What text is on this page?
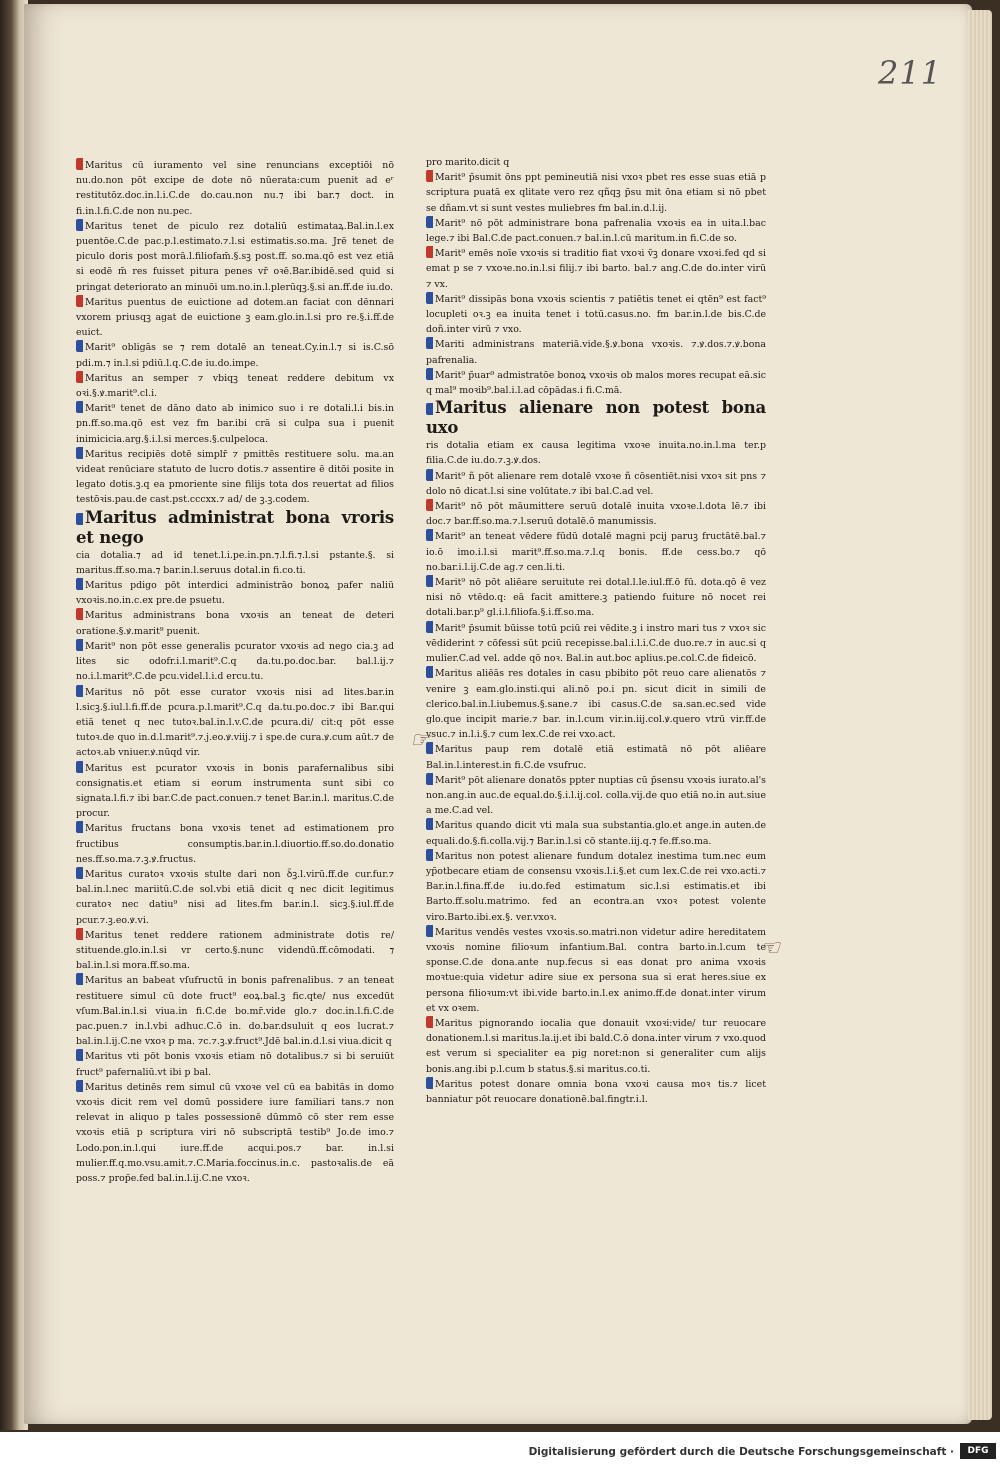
211
Maritus cū iuramento vel sine renuncians exceptiōi nō nu.do.non pōt excipe de dote nō nūerata:cum puenit ad eʳ restitutōz.doc.in.l.i.C.de do.cau.non nu.⁊ ibi bar.⁊ doct. in fi.in.l.fi.C.de non nu.pec.
Maritus tenet de piculo rez dotaliū estimataꝝ.Bal.in.l.ex puentōe.C.de pac.p.l.estimato.⁊.l.si estimatis.so.ma. Jrē tenet de piculo doris post morā.l.filiofam̄.§.sꝫ post.ff. so.ma.qō est vez etiā si eodē m̄ res fuisset pitura penes vr̄ oꝛē.Bar.ibidē.sed quid si pringat deteriorato an minuōi um.no.in.l.plerūqꝫ.§.si an.ff.de iu.do.
Maritus puentus de euictione ad dotem.an faciat con dēnnari vxorem priusqꝫ agat de euictione ꝫ eam.glo.in.l.si pro re.§.i.ff.de euict.
Marit⁹ obligās se ⁊ rem dotalē an teneat.Cy.in.l.⁊ si is.C.sō pdi.m.⁊ in.l.si pdiū.l.q.C.de iu.do.impe.
Maritus an semper ⁊ vbiqꝫ teneat reddere debitum vx oꝛi.§.ꝟ.marit⁹.cl.i.
Marit⁹ tenet de dāno dato ab inimico suo i re dotali.l.i bis.in pn.ff.so.ma.qō est vez fm bar.ibi crā si culpa sua i puenit inimicicia.arg.§.i.l.si merces.§.culpeloca.
Maritus recipiēs dotē simplr̄ ⁊ pmittēs restituere solu. ma.an videat renūciare statuto de lucro dotis.⁊ assentire ē ditōi posite in legato dotis.ꝫ.q ea pmoriente sine filijs tota dos reuertat ad filios testōꝛis.pau.de cast.pst.cccxx.⁊ ad/ de ꝫ.ꝫ.codem.
Maritus administrat bona vroris et nego
cia dotalia.⁊ ad id tenet.l.i.pe.in.pn.⁊.l.fi.⁊.l.si pstante.§. si maritus.ff.so.ma.⁊ bar.in.l.seruus dotal.in fi.co.ti.
Maritus pdigo pōt interdici administrāo bonoꝝ pafer naliū vxoꝛis.no.in.c.ex pre.de psuetu.
Maritus administrans bona vxoꝛis an teneat de deteri oratione.§.ꝟ.marit⁹ puenit.
Marit⁹ non pōt esse generalis pcurator vxoꝛis ad nego cia.ꝫ ad lites sic odofr.i.l.marit⁹.C.q da.tu.po.doc.bar. bal.l.ij.⁊ no.i.l.marit⁹.C.de pcu.videl.l.i.d ercu.tu.
Maritus nō pōt esse curator vxoꝛis nisi ad lites.bar.in l.sicꝫ.§.iul.l.fi.ff.de pcura.p.l.marit⁹.C.q da.tu.po.doc.⁊ ibi Bar.qui etiā tenet q nec tutoꝛ.bal.in.l.v.C.de pcura.di/ cit:q pōt esse tutoꝛ.de quo in.d.l.marit⁹.⁊.j.eo.ꝟ.viij.⁊ i spe.de cura.ꝟ.cum aūt.⁊ de actoꝛ.ab vniuer.ꝟ.nūqd vir.
Maritus est pcurator vxoꝛis in bonis parafernalibus sibi consignatis.et etiam si eorum instrumenta sunt sibi co signata.l.fi.⁊ ibi bar.C.de pact.conuen.⁊ tenet Bar.in.l. maritus.C.de procur.
Maritus fructans bona vxoꝛis tenet ad estimationem pro fructibus consumptis.bar.in.l.diuortio.ff.so.do.donatio nes.ff.so.ma.⁊.ꝫ.ꝟ.fructus.
Maritus curatoꝛ vxoꝛis stulte dari non ꝺ̄ꝫ.l.virū.ff.de cur.fur.⁊ bal.in.l.nec mariitū.C.de sol.vbi etiā dicit q nec dicit legitimus curatoꝛ nec datiu⁹ nisi ad lites.fm bar.in.l. sicꝫ.§.iul.ff.de pcur.⁊.ꝫ.eo.ꝟ.vi.
Maritus tenet reddere rationem administrate dotis re/ stituende.glo.in.l.si vr certo.§.nunc videndū.ff.cōmodati. ⁊ bal.in.l.si mora.ff.so.ma.
Maritus an babeat vſufructū in bonis pafrenalibus. ⁊ an teneat restituere simul cū dote fruct⁹ eoꝝ.bal.ꝫ fic.qte/ nus excedūt vſum.Bal.in.l.si viua.in fi.C.de bo.mr̄.vide glo.⁊ doc.in.l.fi.C.de pac.puen.⁊ in.l.vbi adhuc.C.ō in. do.bar.dsuluit q eos lucrat.⁊ bal.in.l.ij.C.ne vxoꝛ p ma. ⁊c.⁊.ꝫ.ꝟ.fruct⁹.Jdē bal.in.d.l.si viua.dicit q
Maritus vti pōt bonis vxoꝛis etiam nō dotalibus.⁊ si bi seruiūt fruct⁹ pafernaliū.vt ibi p bal.
Maritus detinēs rem simul cū vxoꝛe vel cū ea babitās in domo vxoꝛis dicit rem vel domū possidere iure familiari tans.⁊ non relevat in aliquo p tales possessionē dūmmō cō ster rem esse vxoꝛis etiā p scriptura viri nō subscriptā testib⁹ Jo.de imo.⁊ Lodo.pon.in.l.qui iure.ff.de acqui.pos.⁊ bar. in.l.si mulier.ff.q.mo.vsu.amit.⁊.C.Maria.foccinus.in.c. pastoꝛalis.de eā poss.⁊ prop̄e.fed bal.in.l.ij.C.ne vxoꝛ.
pro marito.dicit q
Marit⁹ p̄sumit ōns ppt pemineutiā nisi vxoꝛ pbet res esse suas etiā p scriptura puatā ex qlitate vero rez qñqꝫ p̄su mit ōna etiam si nō pbet se dñam.vt si sunt vestes muliebres fm bal.in.d.l.ij.
Marit⁹ nō pōt administrare bona pafrenalia vxoꝛis ea in uita.l.bac lege.⁊ ibi Bal.C.de pact.conuen.⁊ bal.in.l.cū maritum.in fi.C.de so.
Marit⁹ emēs noīe vxoꝛis si traditio fiat vxoꝛi v̄ꝫ donare vxoꝛi.fed qd si emat p se ⁊ vxoꝛe.no.in.l.si filij.⁊ ibi barto. bal.⁊ ang.C.de do.inter virū ⁊ vx.
Marit⁹ dissipās bona vxoꝛis scientis ⁊ patiētis tenet ei qtēn⁹ est fact⁹ locupleti oꝛ.ꝫ ea inuita tenet i totū.casus.no. fm bar.in.l.de bis.C.de doñ.inter virū ⁊ vxo.
Mariti administrans materiā.vide.§.ꝟ.bona vxoꝛis. ⁊.ꝟ.dos.⁊.ꝟ.bona pafrenalia.
Marit⁹ p̄uar⁹ admistratōe bonoꝝ vxoꝛis ob malos mores recupat eā.sic q mal⁹ moꝛib⁹.bal.i.l.ad cōpādas.i fi.C.mā.
Maritus alienare non potest bona uxo
ris dotalia etiam ex causa legitima vxoꝛe inuita.no.in.l.ma ter.p filia.C.de iu.do.⁊.ꝫ.ꝟ.dos.
Marit⁹ ñ pōt alienare rem dotalē vxoꝛe ñ cōsentiēt.nisi vxoꝛ sit pns ⁊ dolo nō dicat.l.si sine volūtate.⁊ ibi bal.C.ad vel.
Marit⁹ nō pōt māumittere seruū dotalē inuita vxoꝛe.l.dota lē.⁊ ibi doc.⁊ bar.ff.so.ma.⁊.l.seruū dotalē.ō manumissis.
Marit⁹ an teneat vēdere fūdū dotalē magni pcij paruꝫ fructātē.bal.⁊ io.ō imo.i.l.si marit⁹.ff.so.ma.⁊.l.q bonis. ff.de cess.bo.⁊ qō no.bar.i.l.ij.C.de ag.⁊ cen.li.ti.
Marit⁹ nō pōt aliēare seruitute rei dotal.l.le.iul.ff.ō fū. dota.qō ē vez nisi nō vtēdo.q: eā facit amittere.ꝫ patiendo fuiture nō nocet rei dotali.bar.p⁹ gl.i.l.filiofa.§.i.ff.so.ma.
Marit⁹ p̄sumit būisse totū pciū rei vēdite.ꝫ i instro mari tus ⁊ vxoꝛ sic vēdiderint ⁊ cōfessi sūt pciū recepisse.bal.i.l.i.C.de duo.re.⁊ in auc.si q mulier.C.ad vel. adde qō noꝛ. Bal.in aut.boc aplius.pe.col.C.de fideicō.
Maritus aliēās res dotales in casu pbibito pōt reuo care alienatōs ⁊ venire ꝫ eam.glo.insti.qui ali.nō po.i pn. sicut dicit in simili de clerico.bal.in.l.iubemus.§.sane.⁊ ibi casus.C.de sa.san.ec.sed vide glo.que incipit marie.⁊ bar. in.l.cum vir.in.iij.col.ꝟ.quero vtrū vir.ff.de vsuc.⁊ in.l.i.§.⁊ cum lex.C.de rei vxo.act.
Maritus paup rem dotalē etiā estimatā nō pōt aliēare Bal.in.l.interest.in fi.C.de vsufruc.
Marit⁹ pōt alienare donatōs ppter nuptias cū p̄sensu vxoꝛis iurato.al's non.ang.in auc.de equal.do.§.i.l.ij.col. colla.vij.de quo etiā no.in aut.siue a me.C.ad vel.
Maritus quando dicit vti mala sua substantia.glo.et ange.in auten.de equali.do.§.fi.colla.vij.⁊ Bar.in.l.si cō stante.iij.q.⁊ fe.ff.so.ma.
Maritus non potest alienare fundum dotalez inestima tum.nec eum yp̄otbecare etiam de consensu vxoꝛis.l.i.§.et cum lex.C.de rei vxo.acti.⁊ Bar.in.l.fina.ff.de iu.do.fed estimatum sic.l.si estimatis.et ibi Barto.ff.solu.matrimo. fed an econtra.an vxoꝛ potest volente viro.Barto.ibi.ex.§. ver.vxoꝛ.
Maritus vendēs vestes vxoꝛis.so.matri.non videtur adire hereditatem vxoꝛis nomine filioꝛum infantium.Bal. contra barto.in.l.cum te sponse.C.de dona.ante nup.fecus si eas donat pro anima vxoꝛis moꝛtue:quia videtur adire siue ex persona sua si erat heres.siue ex persona filioꝛum:vt ibi.vide barto.in.l.ex animo.ff.de donat.inter virum et vx oꝛem.
Maritus pignorando iocalia que donauit vxoꝛi:vide/ tur reuocare donationem.l.si maritus.la.ij.et ibi bald.C.ō dona.inter virum ⁊ vxo.quod est verum si specialiter ea pig noret:non si generaliter cum alijs bonis.ang.ibi p.l.cum b status.§.si maritus.co.ti.
Maritus potest donare omnia bona vxoꝛi causa moꝛ tis.⁊ licet banniatur pōt reuocare donationē.bal.fingtr.i.l.
☞
☜
Digitalisierung gefördert durch die Deutsche Forschungsgemeinschaft ·	DFG
